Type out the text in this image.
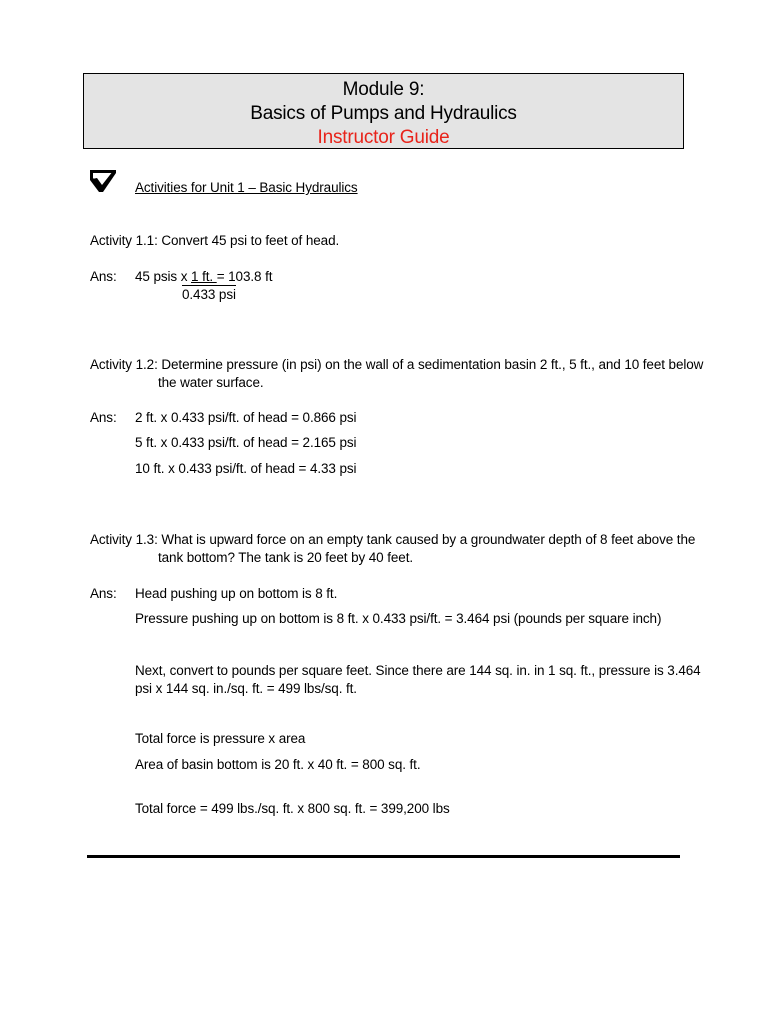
Module 9:
Basics of Pumps and Hydraulics
Instructor Guide
Activities for Unit 1 – Basic Hydraulics
Activity 1.1: Convert 45 psi to feet of head.
Ans: 45 psis x 1 ft. = 103.8 ft
0.433 psi
Activity 1.2: Determine pressure (in psi) on the wall of a sedimentation basin 2 ft., 5 ft., and 10 feet below
the water surface.
Ans: 2 ft. x 0.433 psi/ft. of head = 0.866 psi
5 ft. x 0.433 psi/ft. of head = 2.165 psi
10 ft. x 0.433 psi/ft. of head = 4.33 psi
Activity 1.3: What is upward force on an empty tank caused by a groundwater depth of 8 feet above the
tank bottom? The tank is 20 feet by 40 feet.
Ans: Head pushing up on bottom is 8 ft.
Pressure pushing up on bottom is 8 ft. x 0.433 psi/ft. = 3.464 psi (pounds per square inch)
Next, convert to pounds per square feet. Since there are 144 sq. in. in 1 sq. ft., pressure is 3.464
psi x 144 sq. in./sq. ft. = 499 lbs/sq. ft.
Total force is pressure x area
Area of basin bottom is 20 ft. x 40 ft. = 800 sq. ft.
Total force = 499 lbs./sq. ft. x 800 sq. ft. = 399,200 lbs
